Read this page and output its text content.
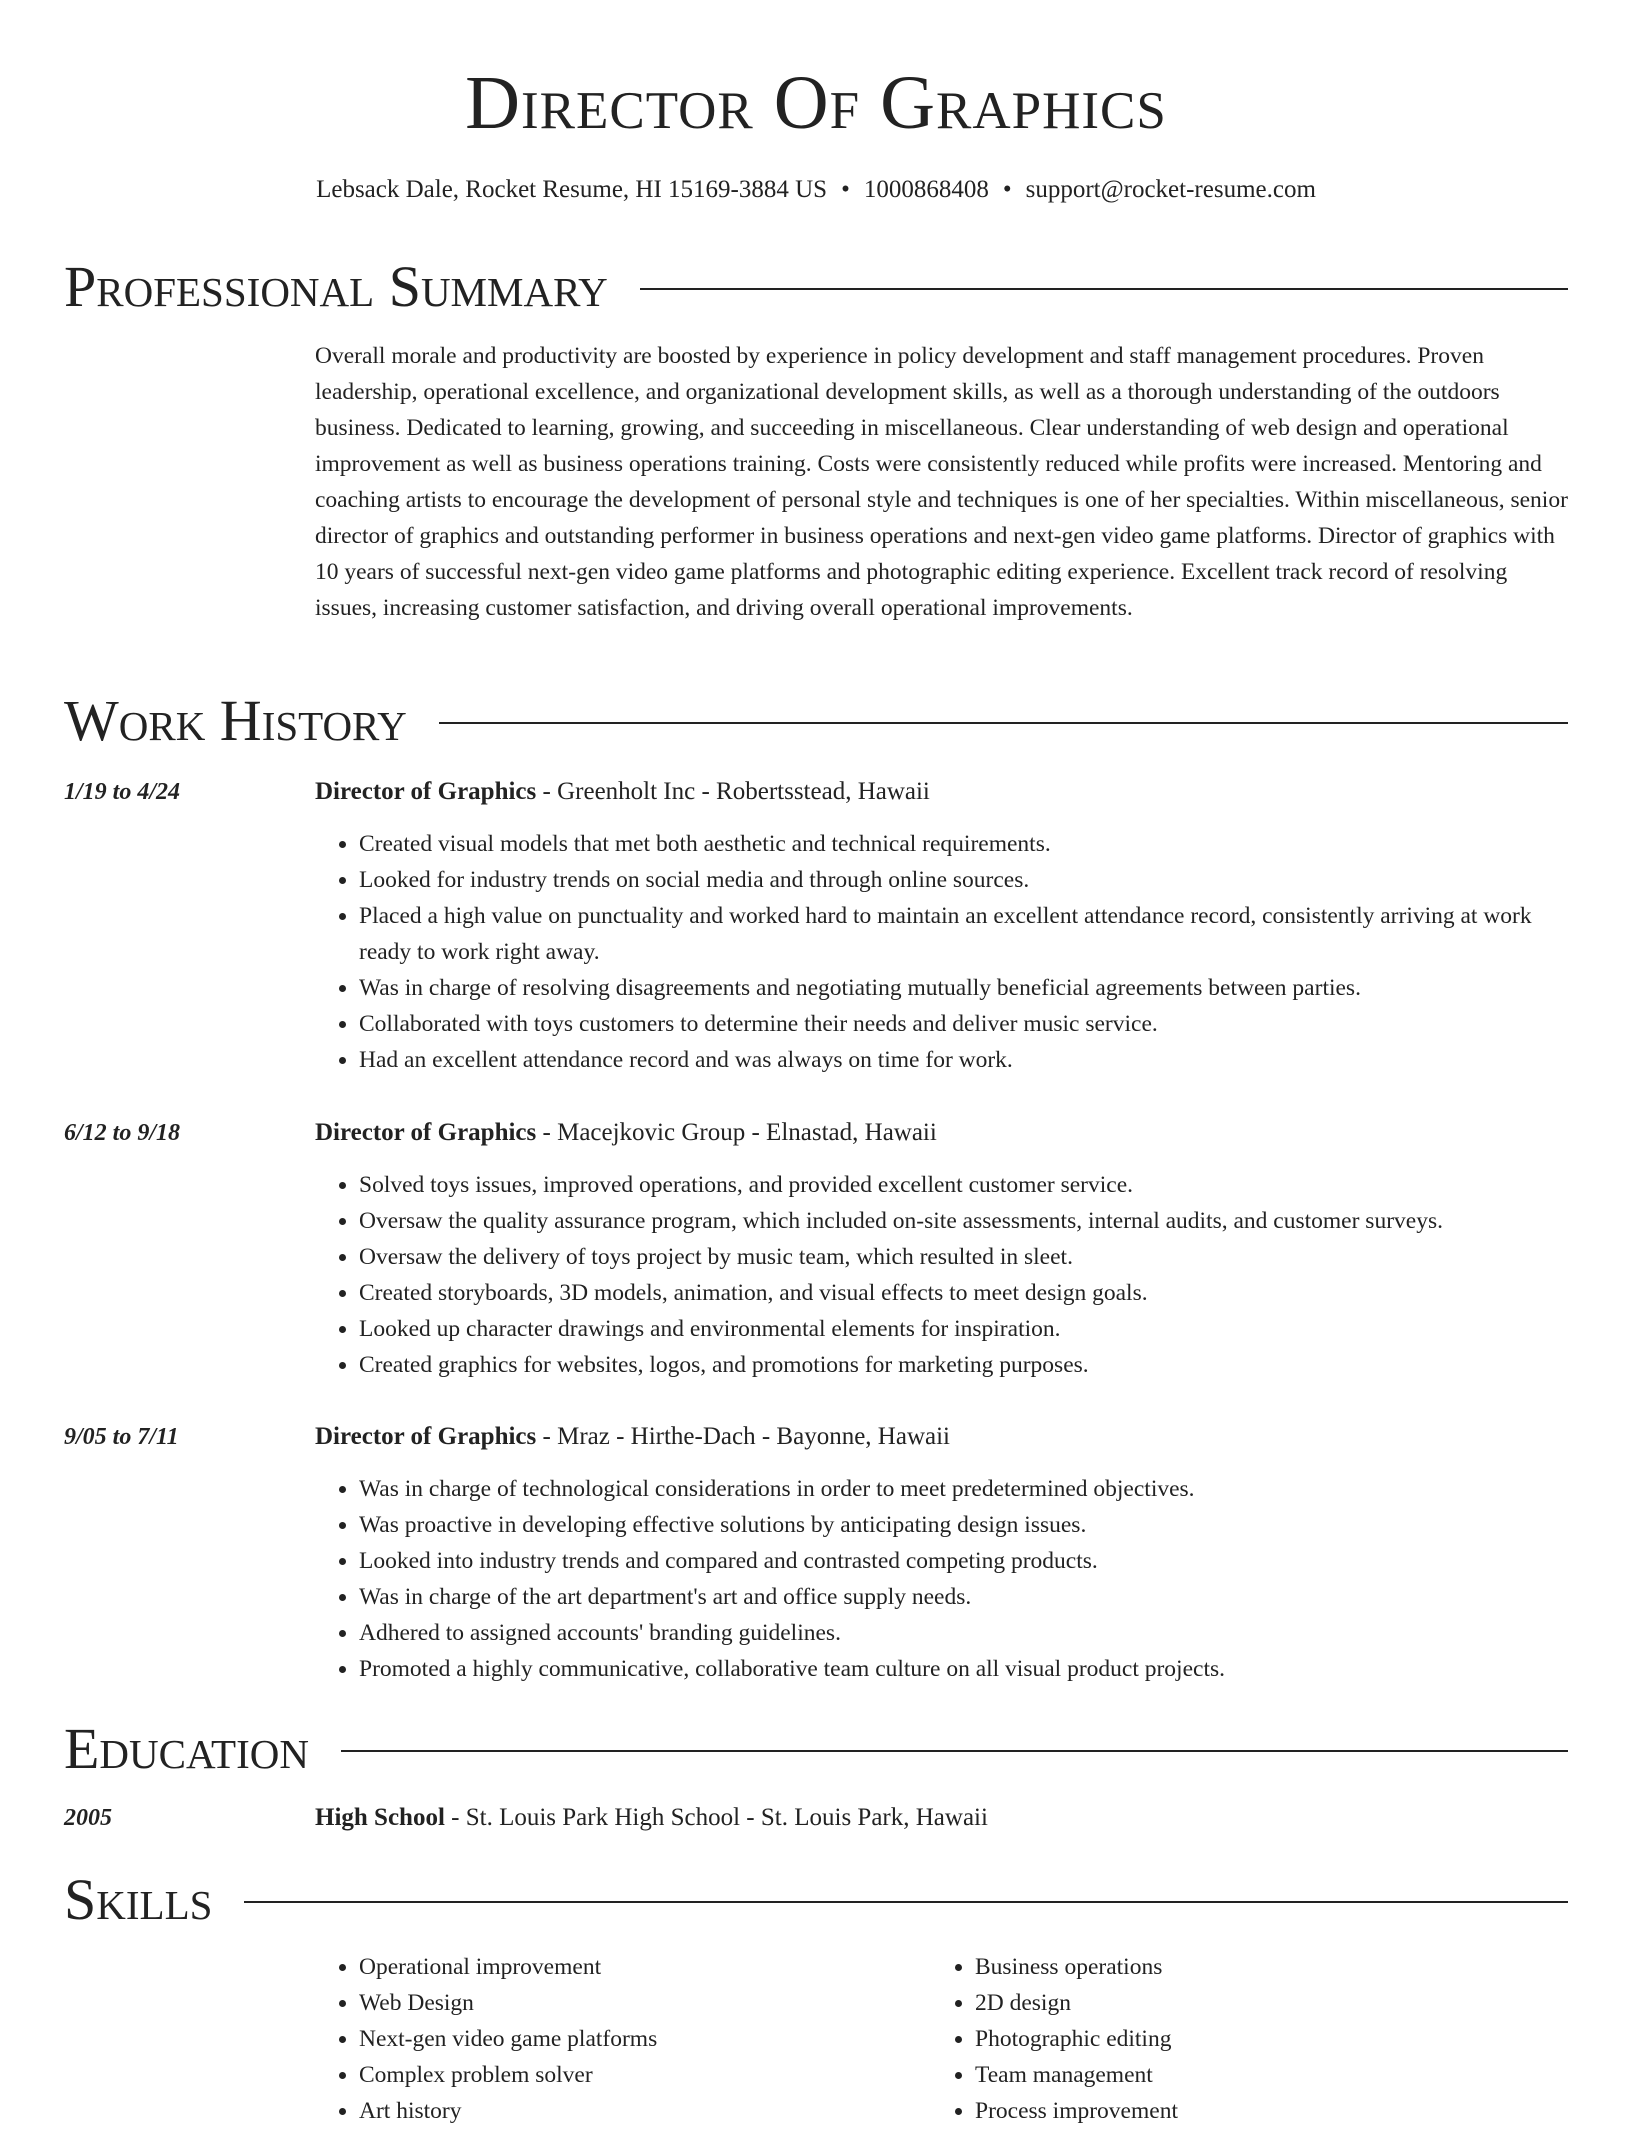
Director Of Graphics
Lebsack Dale, Rocket Resume, HI 15169-3884 US • 1000868408 • support@rocket-resume.com
Professional Summary

Overall morale and productivity are boosted by experience in policy development and staff management procedures. Proven leadership, operational excellence, and organizational development skills, as well as a thorough understanding of the outdoors business. Dedicated to learning, growing, and succeeding in miscellaneous. Clear understanding of web design and operational improvement as well as business operations training. Costs were consistently reduced while profits were increased. Mentoring and coaching artists to encourage the development of personal style and techniques is one of her specialties. Within miscellaneous, senior director of graphics and outstanding performer in business operations and next-gen video game platforms. Director of graphics with 10 years of successful next-gen video game platforms and photographic editing experience. Excellent track record of resolving issues, increasing customer satisfaction, and driving overall operational improvements.

Work History
1/19 to 4/24	Director of Graphics - Greenholt Inc - Robertsstead, Hawaii
• Created visual models that met both aesthetic and technical requirements.
• Looked for industry trends on social media and through online sources.
• Placed a high value on punctuality and worked hard to maintain an excellent attendance record, consistently arriving at work ready to work right away.
• Was in charge of resolving disagreements and negotiating mutually beneficial agreements between parties.
• Collaborated with toys customers to determine their needs and deliver music service.
• Had an excellent attendance record and was always on time for work.
6/12 to 9/18	Director of Graphics - Macejkovic Group - Elnastad, Hawaii
• Solved toys issues, improved operations, and provided excellent customer service.
• Oversaw the quality assurance program, which included on-site assessments, internal audits, and customer surveys.
• Oversaw the delivery of toys project by music team, which resulted in sleet.
• Created storyboards, 3D models, animation, and visual effects to meet design goals.
• Looked up character drawings and environmental elements for inspiration.
• Created graphics for websites, logos, and promotions for marketing purposes.
9/05 to 7/11	Director of Graphics - Mraz - Hirthe-Dach - Bayonne, Hawaii
• Was in charge of technological considerations in order to meet predetermined objectives.
• Was proactive in developing effective solutions by anticipating design issues.
• Looked into industry trends and compared and contrasted competing products.
• Was in charge of the art department's art and office supply needs.
• Adhered to assigned accounts' branding guidelines.
• Promoted a highly communicative, collaborative team culture on all visual product projects.
Education
2005	High School - St. Louis Park High School - St. Louis Park, Hawaii
Skills
• Operational improvement
• Web Design
• Next-gen video game platforms
• Complex problem solver
• Art history
• Business operations
• 2D design
• Photographic editing
• Team management
• Process improvement
